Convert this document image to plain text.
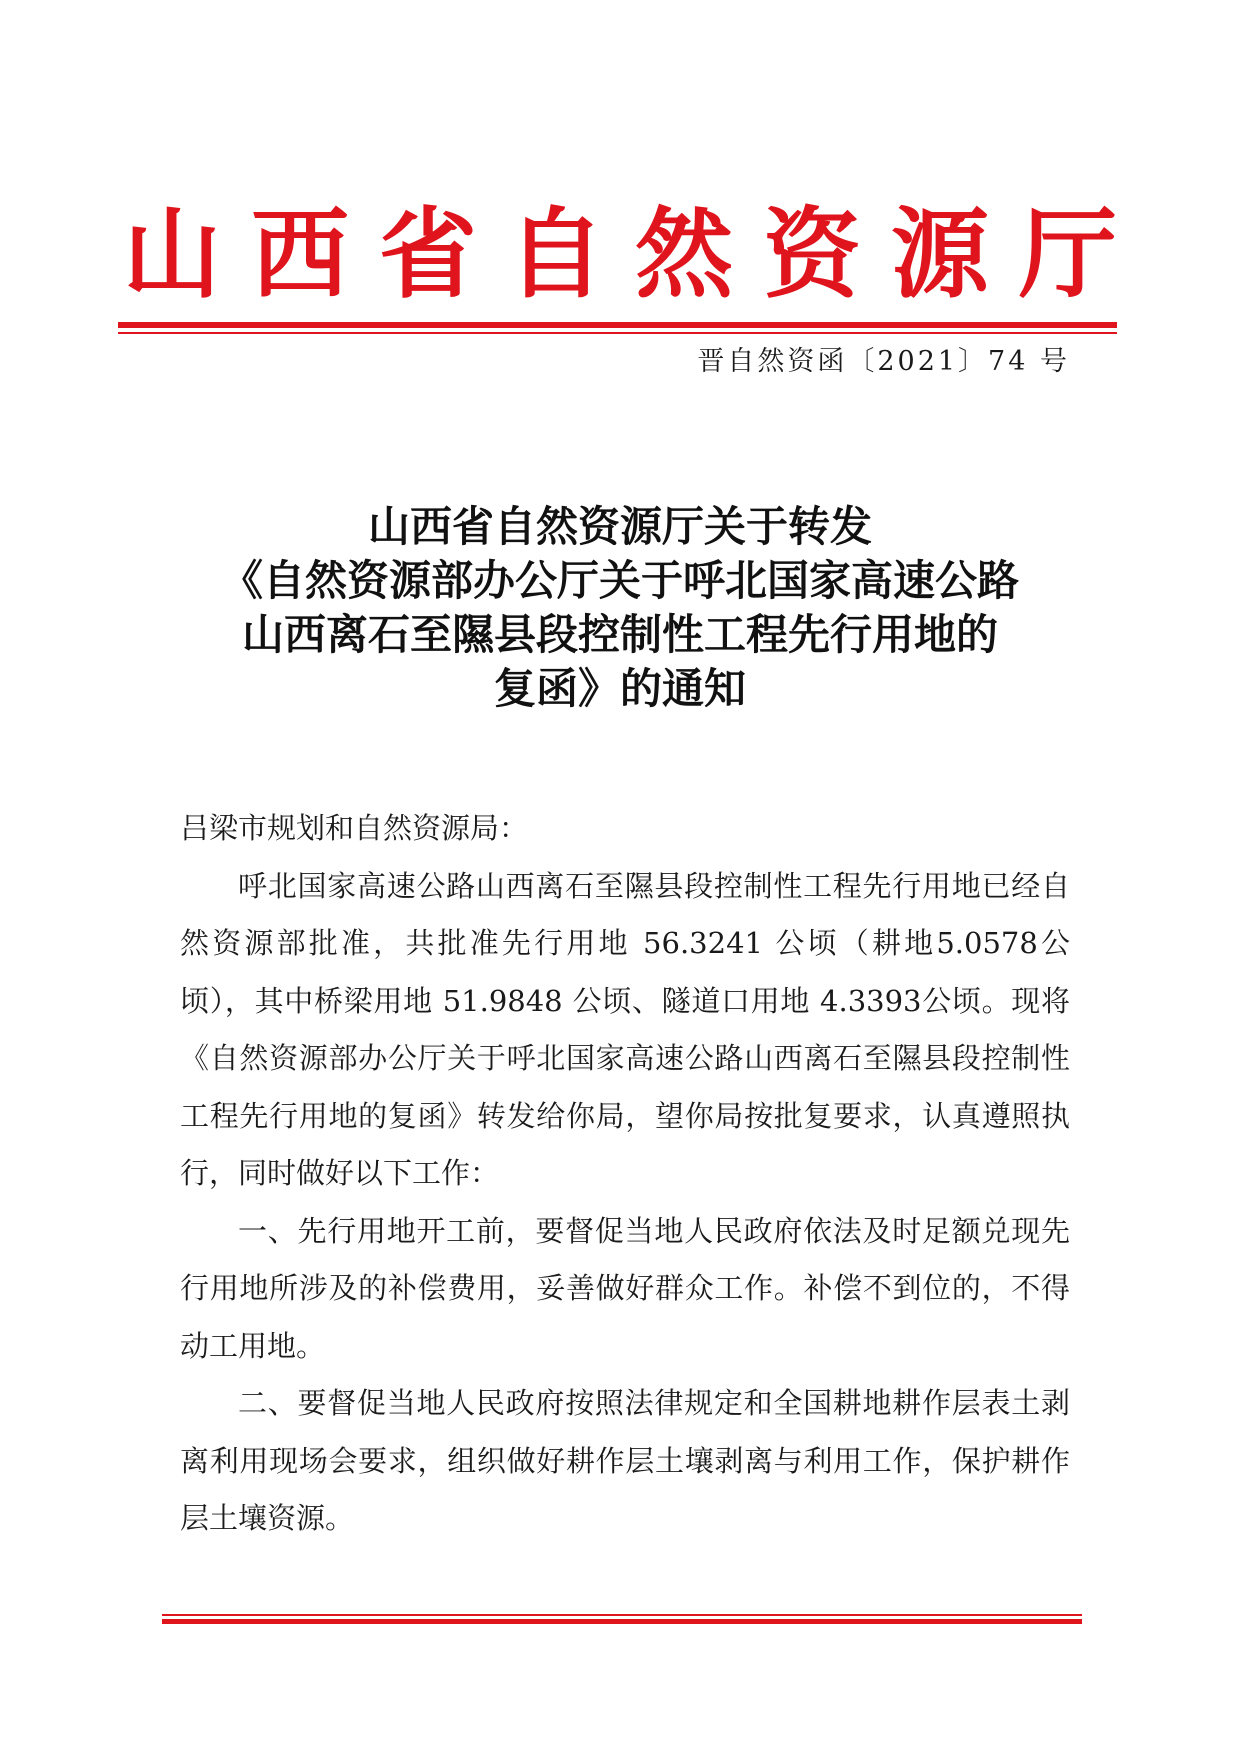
山西省自然资源厅
晋自然资函〔2021〕74 号
山西省自然资源厅关于转发
《自然资源部办公厅关于呼北国家高速公路
山西离石至隰县段控制性工程先行用地的
复函》的通知

吕梁市规划和自然资源局：

呼北国家高速公路山西离石至隰县段控制性工程先行用地已经自然资源部批准，共批准先行用地 56.3241 公顷（耕地5.0578公顷），其中桥梁用地 51.9848 公顷、隧道口用地 4.3393公顷。现将《自然资源部办公厅关于呼北国家高速公路山西离石至隰县段控制性工程先行用地的复函》转发给你局，望你局按批复要求，认真遵照执行，同时做好以下工作：

一、先行用地开工前，要督促当地人民政府依法及时足额兑现先行用地所涉及的补偿费用，妥善做好群众工作。补偿不到位的，不得动工用地。

二、要督促当地人民政府按照法律规定和全国耕地耕作层表土剥离利用现场会要求，组织做好耕作层土壤剥离与利用工作，保护耕作层土壤资源。
